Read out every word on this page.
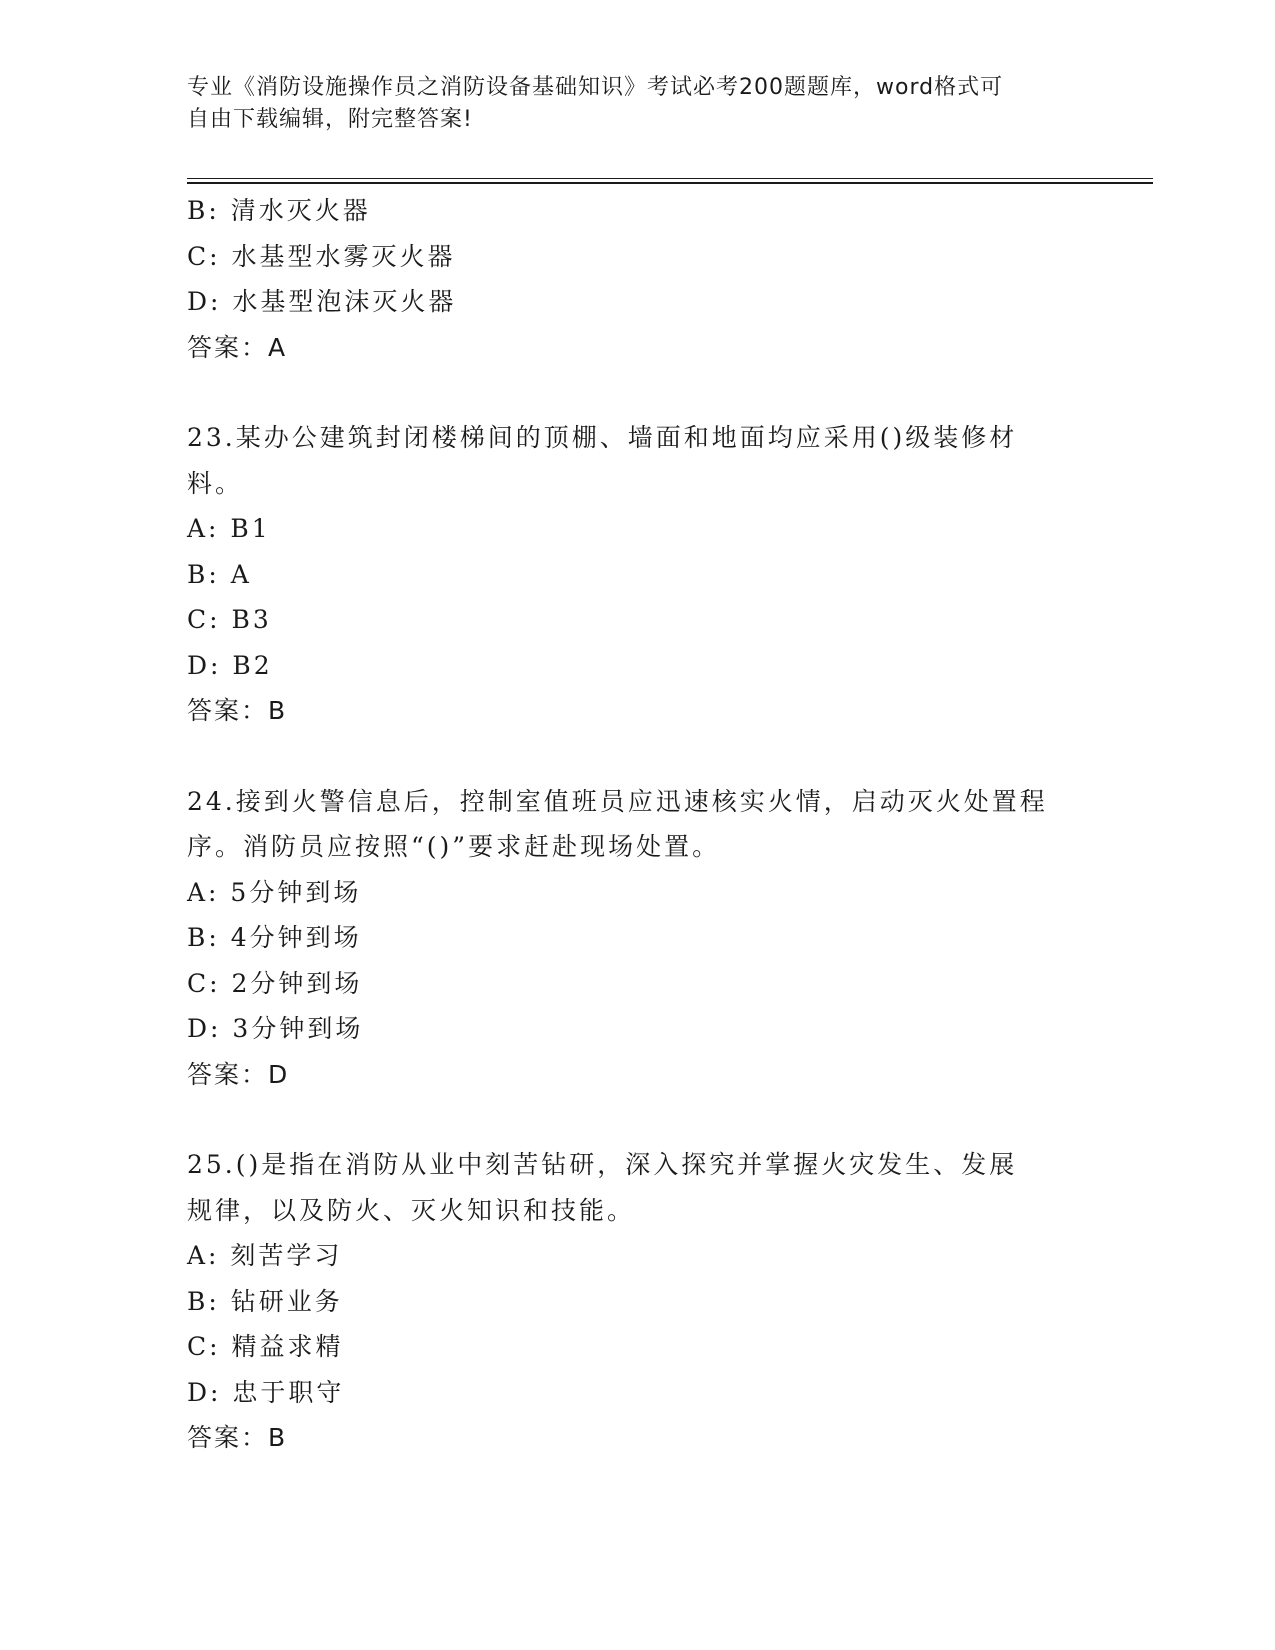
专业《消防设施操作员之消防设备基础知识》考试必考200题题库，word格式可
自由下载编辑，附完整答案!
B: 清水灭火器
C: 水基型水雾灭火器
D: 水基型泡沫灭火器
答案：A
23.某办公建筑封闭楼梯间的顶棚、墙面和地面均应采用()级装修材
料。
A: B1
B: A
C: B3
D: B2
答案：B
24.接到火警信息后，控制室值班员应迅速核实火情，启动灭火处置程
序。消防员应按照“()”要求赶赴现场处置。
A: 5分钟到场
B: 4分钟到场
C: 2分钟到场
D: 3分钟到场
答案：D
25.()是指在消防从业中刻苦钻研，深入探究并掌握火灾发生、发展
规律，以及防火、灭火知识和技能。
A: 刻苦学习
B: 钻研业务
C: 精益求精
D: 忠于职守
答案：B
